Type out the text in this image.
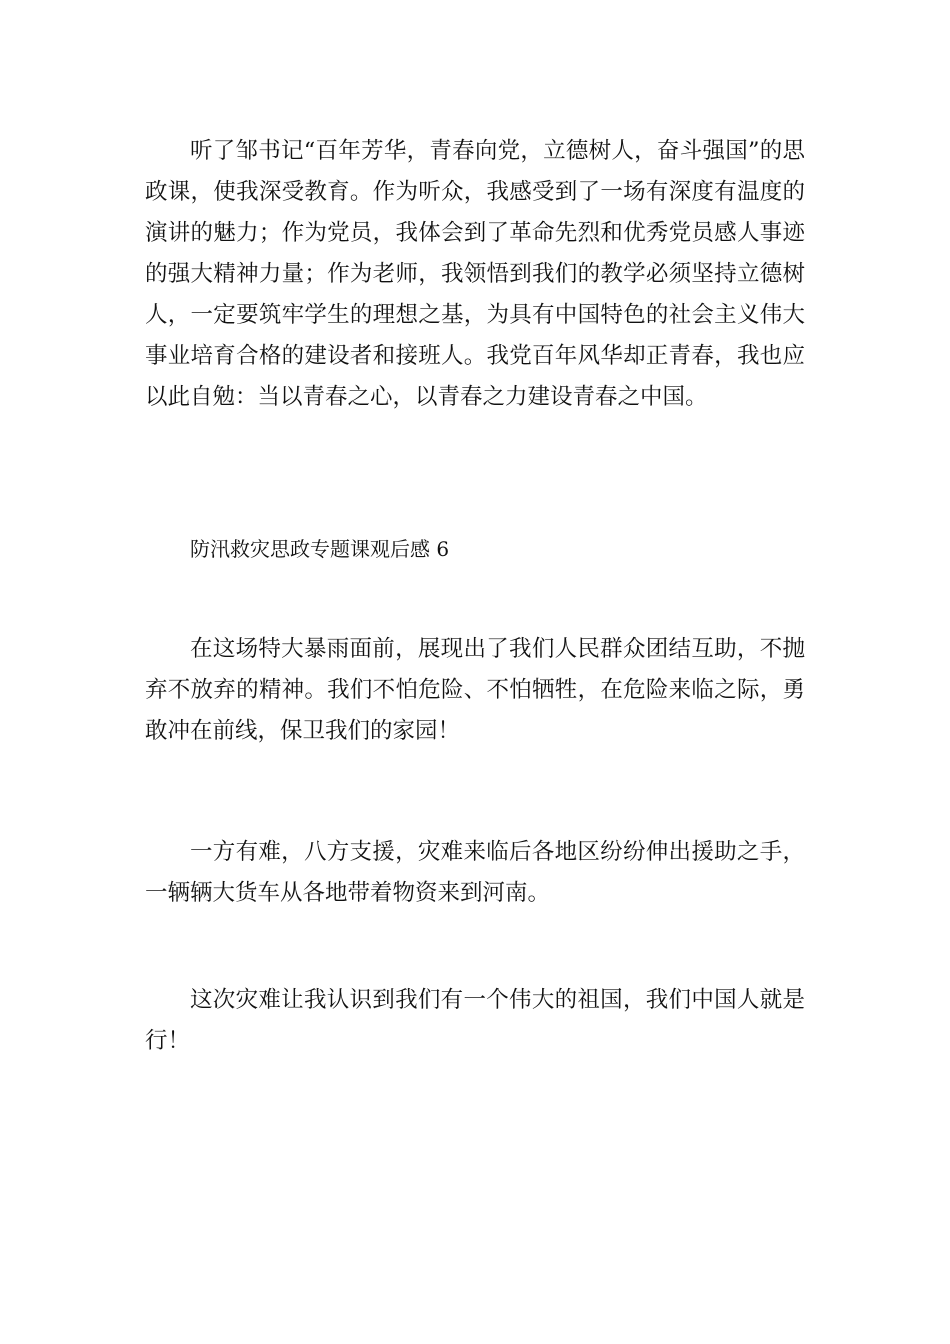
听了邹书记“百年芳华，青春向党，立德树人，奋斗强国”的思政课，使我深受教育。作为听众，我感受到了一场有深度有温度的演讲的魅力；作为党员，我体会到了革命先烈和优秀党员感人事迹的强大精神力量；作为老师，我领悟到我们的教学必须坚持立德树人，一定要筑牢学生的理想之基，为具有中国特色的社会主义伟大事业培育合格的建设者和接班人。我党百年风华却正青春，我也应以此自勉：当以青春之心，以青春之力建设青春之中国。

防汛救灾思政专题课观后感 6

在这场特大暴雨面前，展现出了我们人民群众团结互助，不抛弃不放弃的精神。我们不怕危险、不怕牺牲，在危险来临之际，勇敢冲在前线，保卫我们的家园！

一方有难，八方支援，灾难来临后各地区纷纷伸出援助之手，一辆辆大货车从各地带着物资来到河南。

这次灾难让我认识到我们有一个伟大的祖国，我们中国人就是行！
